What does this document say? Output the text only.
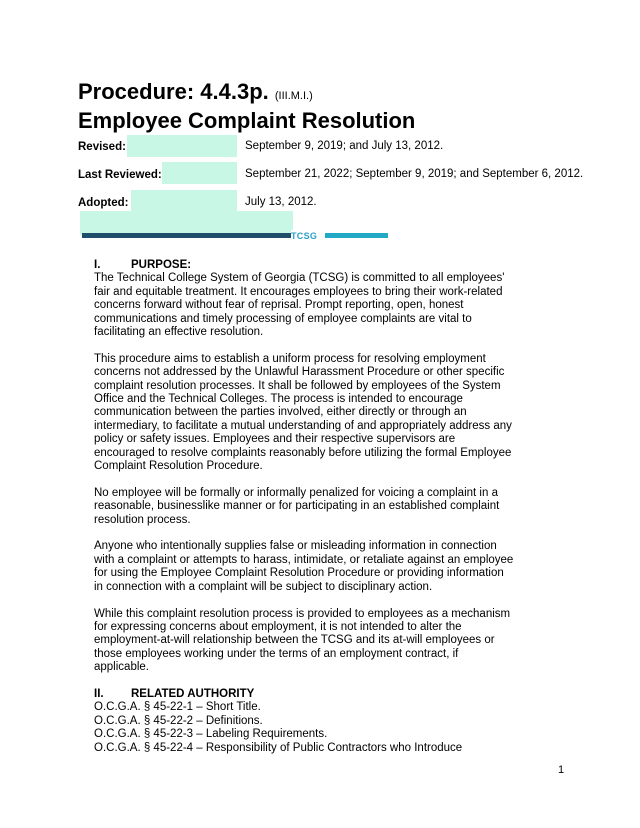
Procedure: 4.4.3p. (III.M.I.)
Employee Complaint Resolution
Revised:	September 9, 2019; and July 13, 2012.
Last Reviewed:	September 21, 2022; September 9, 2019; and September 6, 2012.
Adopted:	July 13, 2012.
TCSG
I.	PURPOSE:

The Technical College System of Georgia (TCSG) is committed to all employees' fair and equitable treatment. It encourages employees to bring their work-related concerns forward without fear of reprisal. Prompt reporting, open, honest communications and timely processing of employee complaints are vital to facilitating an effective resolution.

This procedure aims to establish a uniform process for resolving employment concerns not addressed by the Unlawful Harassment Procedure or other specific complaint resolution processes. It shall be followed by employees of the System Office and the Technical Colleges. The process is intended to encourage communication between the parties involved, either directly or through an intermediary, to facilitate a mutual understanding of and appropriately address any policy or safety issues. Employees and their respective supervisors are encouraged to resolve complaints reasonably before utilizing the formal Employee Complaint Resolution Procedure.

No employee will be formally or informally penalized for voicing a complaint in a reasonable, businesslike manner or for participating in an established complaint resolution process.

Anyone who intentionally supplies false or misleading information in connection with a complaint or attempts to harass, intimidate, or retaliate against an employee for using the Employee Complaint Resolution Procedure or providing information in connection with a complaint will be subject to disciplinary action.

While this complaint resolution process is provided to employees as a mechanism for expressing concerns about employment, it is not intended to alter the employment-at-will relationship between the TCSG and its at-will employees or those employees working under the terms of an employment contract, if applicable.

II. RELATED AUTHORITY
O.C.G.A. § 45-22-1 – Short Title.
O.C.G.A. § 45-22-2 – Definitions.
O.C.G.A. § 45-22-3 – Labeling Requirements.
O.C.G.A. § 45-22-4 – Responsibility of Public Contractors who Introduce
1
